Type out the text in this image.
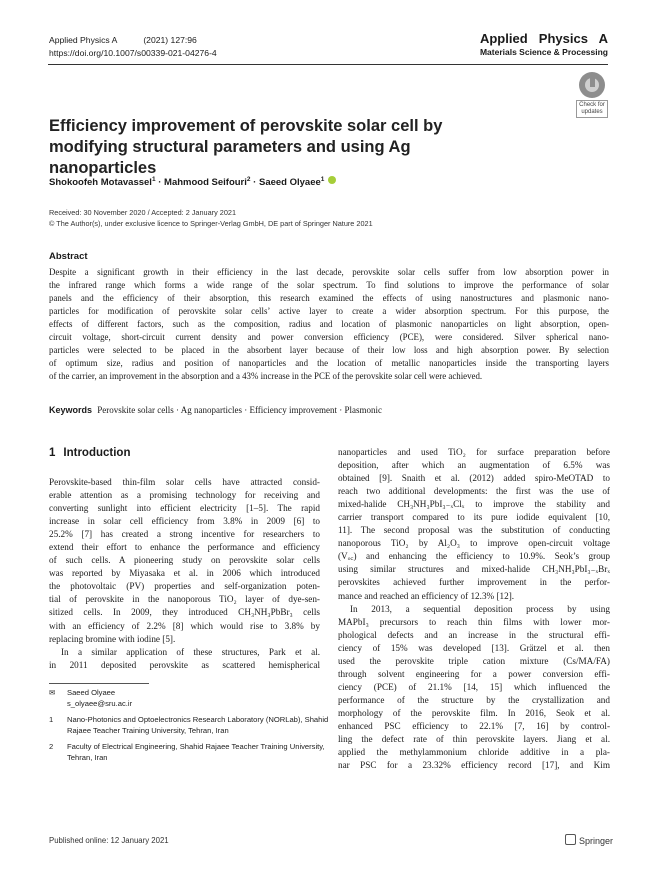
Applied Physics A	(2021) 127:96
https://doi.org/10.1007/s00339-021-04276-4
Applied Physics A
Materials Science & Processing
Check for updates
Efficiency improvement of perovskite solar cell by modifying structural parameters and using Ag nanoparticles
Shokoofeh Motavassel$^1$ · Mahmood Seifouri$^2$ · Saeed Olyaee$^1$
Received: 30 November 2020 / Accepted: 2 January 2021
© The Author(s), under exclusive licence to Springer-Verlag GmbH, DE part of Springer Nature 2021
Abstract
Despite a significant growth in their efficiency in the last decade, perovskite solar cells suffer from low absorption power in
the infrared range which forms a wide range of the solar spectrum. To find solutions to improve the performance of solar
panels and the efficiency of their absorption, this research examined the effects of using nanostructures and plasmonic nano-
particles for modification of perovskite solar cells’ active layer to create a wider absorption spectrum. For this purpose, the
effects of different factors, such as the composition, radius and location of plasmonic nanoparticles on light absorption, open-
circuit voltage, short-circuit current density and power conversion efficiency (PCE), were considered. Silver spherical nano-
particles were selected to be placed in the absorbent layer because of their low loss and high absorption power. By selection
of optimum size, radius and position of nanoparticles and the location of metallic nanoparticles inside the transporting layers
of the carrier, an improvement in the absorption and a 43% increase in the PCE of the perovskite solar cell were achieved.
Keywords Perovskite solar cells · Ag nanoparticles · Efficiency improvement · Plasmonic
1 Introduction
Perovskite-based thin-film solar cells have attracted consid-
erable attention as a promising technology for receiving and
converting sunlight into efficient electricity [1–5]. The rapid
increase in solar cell efficiency from 3.8% in 2009 [6] to
25.2% [7] has created a strong incentive for researchers to
extend their effort to enhance the performance and efficiency
of such cells. A pioneering study on perovskite solar cells
was reported by Miyasaka et al. in 2006 which introduced
the photovoltaic (PV) properties and self-organization poten-
tial of perovskite in the nanoporous TiO₂ layer of dye-sen-
sitized cells. In 2009, they introduced CH₃NH₃PbBr₃ cells
with an efficiency of 2.2% [8] which would rise to 3.8% by
replacing bromine with iodine [5].
In a similar application of these structures, Park et al.
in 2011 deposited perovskite as scattered hemispherical
nanoparticles and used TiO₂ for surface preparation before
deposition, after which an augmentation of 6.5% was
obtained [9]. Snaith et al. (2012) added spiro-MeOTAD to
reach two additional developments: the first was the use of
mixed-halide CH₃NH₃PbI₃₋ₓClₓ to improve the stability and
carrier transport compared to its pure iodide equivalent [10,
11]. The second proposal was the substitution of conducting
nanoporous TiO₂ by Al₂O₃ to improve open-circuit voltage
(Vₒ꜀) and enhancing the efficiency to 10.9%. Seok’s group
using similar structures and mixed-halide CH₃NH₃PbI₃₋ₓBrₓ
perovskites achieved further improvement in the perfor-
mance and reached an efficiency of 12.3% [12].
In 2013, a sequential deposition process by using
MAPbI₃ precursors to reach thin films with lower mor-
phological defects and an increase in the structural effi-
ciency of 15% was developed [13]. Grätzel et al. then
used the perovskite triple cation mixture (Cs/MA/FA)
through solvent engineering for a power conversion effi-
ciency (PCE) of 21.1% [14, 15] which influenced the
performance of the structure by the crystallization and
morphology of the perovskite film. In 2016, Seok et al.
enhanced PSC efficiency to 22.1% [7, 16] by control-
ling the defect rate of thin perovskite layers. Jiang et al.
applied the methylammonium chloride additive in a pla-
nar PSC for a 23.32% efficiency record [17], and Kim
✉	Saeed Olyaee
s_olyaee@sru.ac.ir
1	Nano-Photonics and Optoelectronics Research Laboratory (NORLab), Shahid Rajaee Teacher Training University, Tehran, Iran
2	Faculty of Electrical Engineering, Shahid Rajaee Teacher Training University, Tehran, Iran
Published online: 12 January 2021	Springer
